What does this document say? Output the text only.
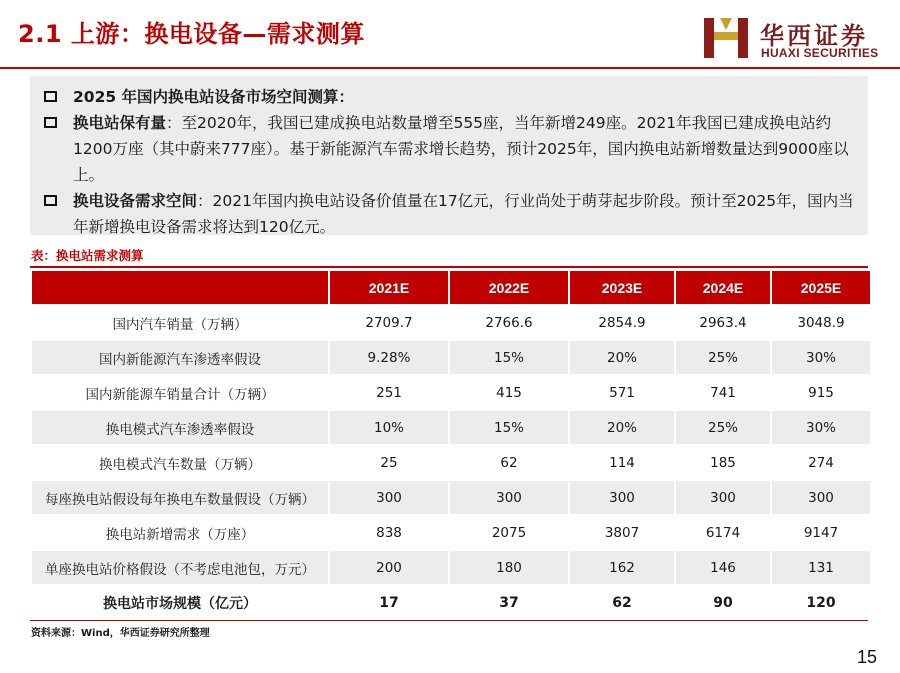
2.1 上游：换电设备—需求测算	华西证券
HUAXI SECURITIES
2025 年国内换电站设备市场空间测算：
换电站保有量：至2020年，我国已建成换电站数量增至555座，当年新增249座。2021年我国已建成换电站约1200万座（其中蔚来777座）。基于新能源汽车需求增长趋势，预计2025年，国内换电站新增数量达到9000座以上。
换电设备需求空间：2021年国内换电站设备价值量在17亿元，行业尚处于萌芽起步阶段。预计至2025年，国内当年新增换电设备需求将达到120亿元。
表：换电站需求测算
	2021E	2022E	2023E	2024E	2025E
国内汽车销量（万辆）	2709.7	2766.6	2854.9	2963.4	3048.9
国内新能源汽车渗透率假设	9.28%	15%	20%	25%	30%
国内新能源车销量合计（万辆）	251	415	571	741	915
换电模式汽车渗透率假设	10%	15%	20%	25%	30%
换电模式汽车数量（万辆）	25	62	114	185	274
每座换电站假设每年换电车数量假设（万辆）	300	300	300	300	300
换电站新增需求（万座）	838	2075	3807	6174	9147
单座换电站价格假设（不考虑电池包，万元）	200	180	162	146	131
换电站市场规模（亿元）	17	37	62	90	120
资料来源：Wind，华西证券研究所整理
15
